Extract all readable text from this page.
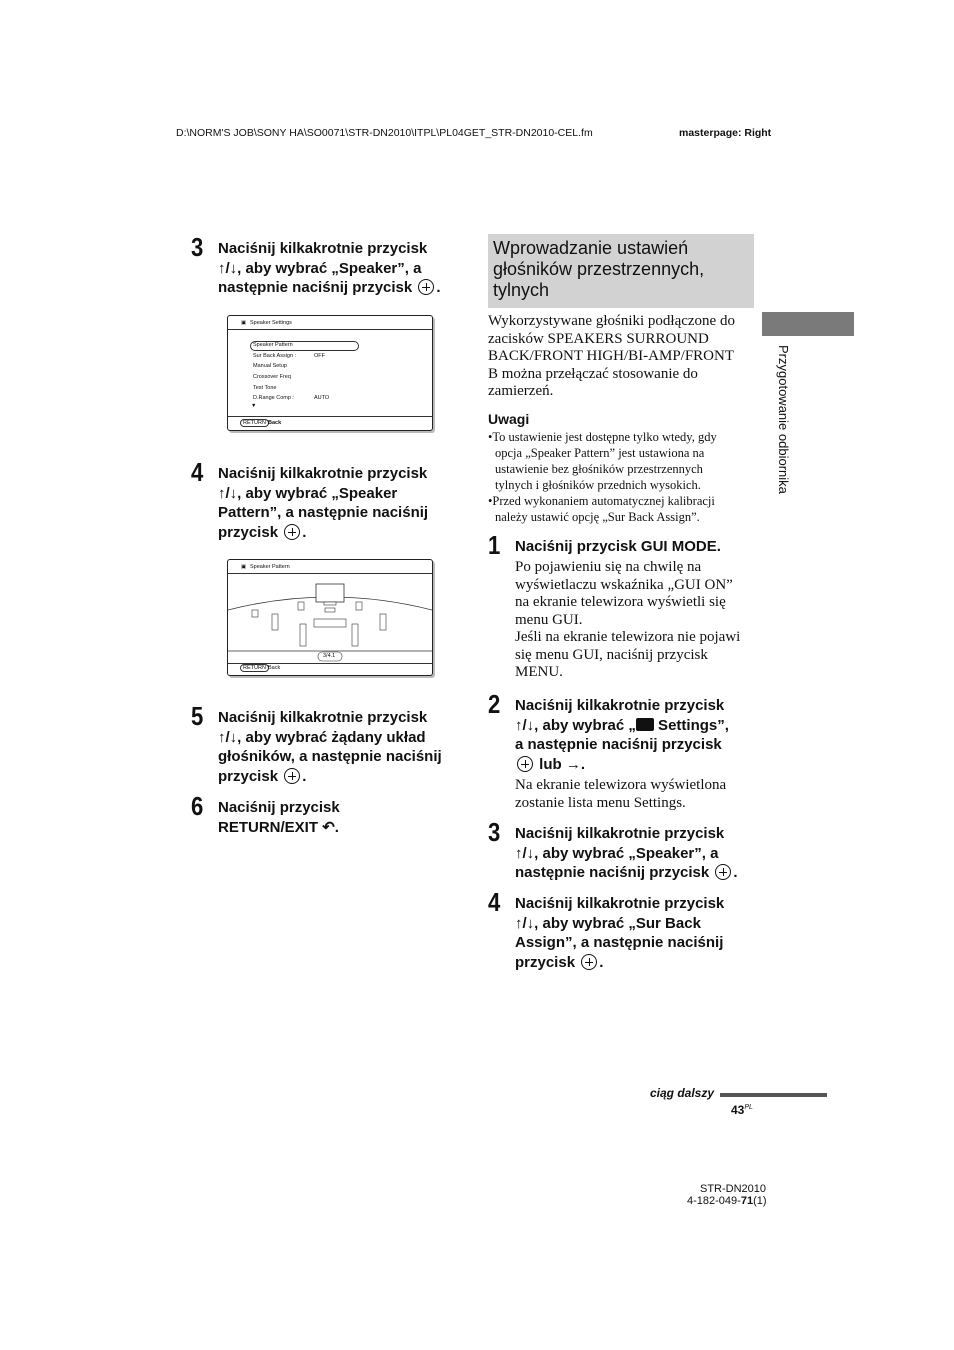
D:\NORM'S JOB\SONY HA\SO0071\STR-DN2010\ITPL\PL04GET_STR-DN2010-CEL.fm	masterpage: Right
3 Naciśnij kilkakrotnie przycisk
↑/↓, aby wybrać „Speaker”, a
następnie naciśnij przycisk .
▣ Speaker Settings
Speaker Pattern
Sur Back Assign :	OFF
Manual Setup
Crossover Freq
Test Tone
D.Range Comp :	AUTO
▼
RETURN Back
4 Naciśnij kilkakrotnie przycisk
↑/↓, aby wybrać „Speaker
Pattern”, a następnie naciśnij
przycisk .
▣ Speaker Pattern
3/4.1
RETURN Back
5 Naciśnij kilkakrotnie przycisk
↑/↓, aby wybrać żądany układ
głośników, a następnie naciśnij
przycisk .
6 Naciśnij przycisk
RETURN/EXIT ↶.
Wprowadzanie ustawień głośników przestrzennych, tylnych
Wykorzystywane głośniki podłączone do
zacisków SPEAKERS SURROUND
BACK/FRONT HIGH/BI-AMP/FRONT
B można przełączać stosowanie do
zamierzeń.
Uwagi
•To ustawienie jest dostępne tylko wtedy, gdy
opcja „Speaker Pattern” jest ustawiona na
ustawienie bez głośników przestrzennych
tylnych i głośników przednich wysokich.
•Przed wykonaniem automatycznej kalibracji
należy ustawić opcję „Sur Back Assign”.
1 Naciśnij przycisk GUI MODE.
Po pojawieniu się na chwilę na
wyświetlaczu wskaźnika „GUI ON”
na ekranie telewizora wyświetli się
menu GUI.
Jeśli na ekranie telewizora nie pojawi
się menu GUI, naciśnij przycisk
MENU.
2 Naciśnij kilkakrotnie przycisk
↑/↓, aby wybrać „ Settings”,
a następnie naciśnij przycisk
lub →.
Na ekranie telewizora wyświetlona
zostanie lista menu Settings.
3 Naciśnij kilkakrotnie przycisk
↑/↓, aby wybrać „Speaker”, a
następnie naciśnij przycisk .
4 Naciśnij kilkakrotnie przycisk
↑/↓, aby wybrać „Sur Back
Assign”, a następnie naciśnij
przycisk .
Przygotowanie odbiornika
ciąg dalszy
$43^{PL}$
STR-DN2010
4-182-049-71(1)
